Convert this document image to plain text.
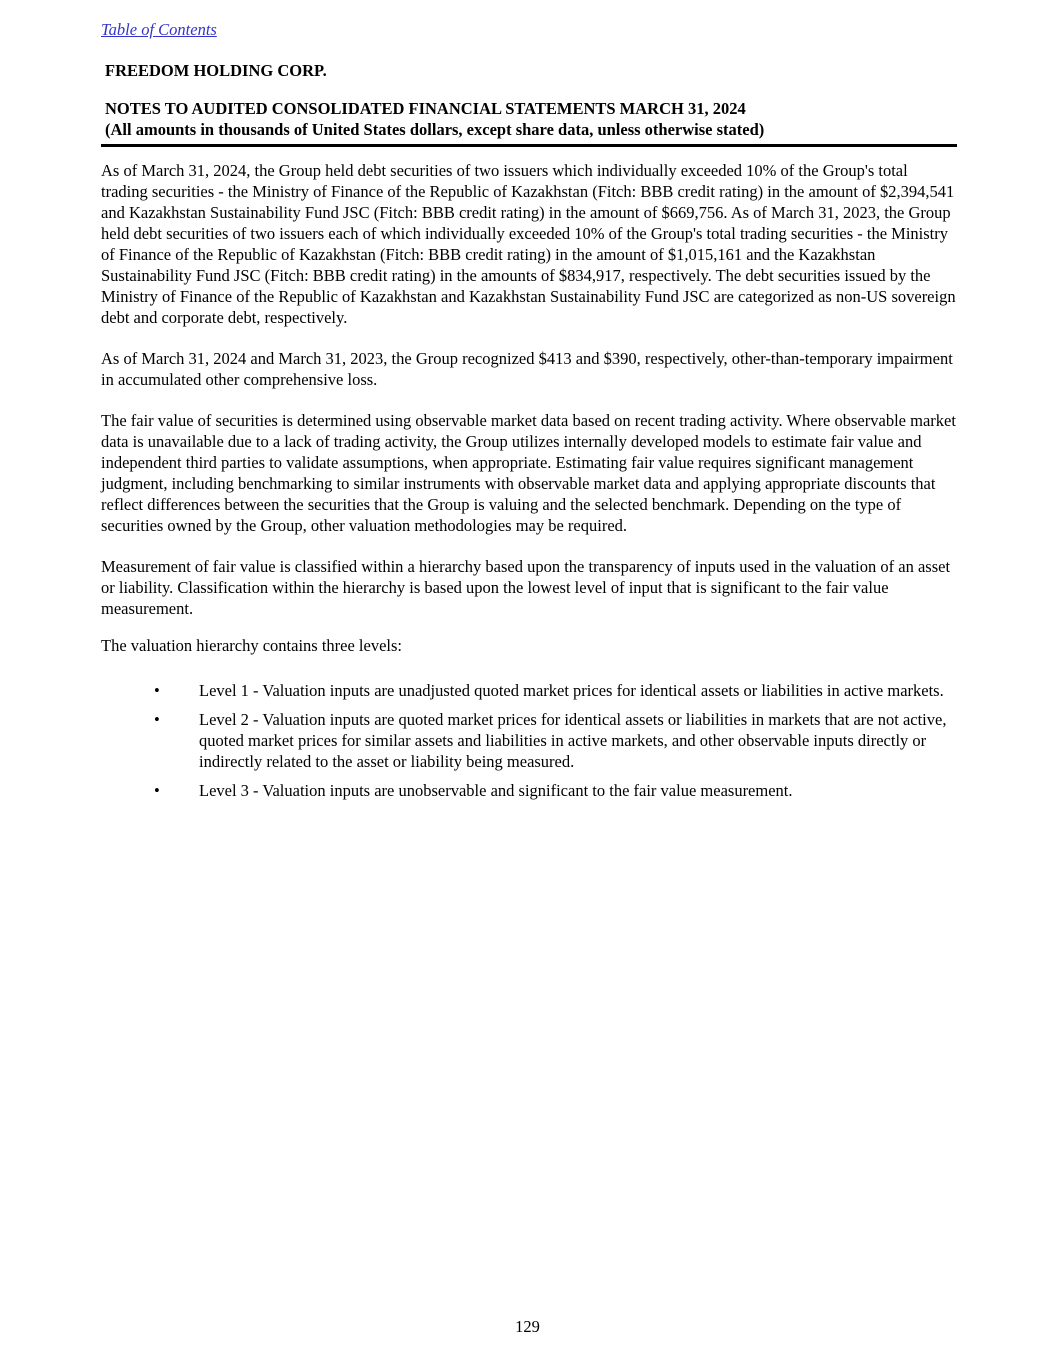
Table of Contents
FREEDOM HOLDING CORP.
NOTES TO AUDITED CONSOLIDATED FINANCIAL STATEMENTS MARCH 31, 2024
(All amounts in thousands of United States dollars, except share data, unless otherwise stated)

As of March 31, 2024, the Group held debt securities of two issuers which individually exceeded 10% of the Group's total trading securities - the Ministry of Finance of the Republic of Kazakhstan (Fitch: BBB credit rating) in the amount of $2,394,541 and Kazakhstan Sustainability Fund JSC (Fitch: BBB credit rating) in the amount of $669,756. As of March 31, 2023, the Group held debt securities of two issuers each of which individually exceeded 10% of the Group's total trading securities - the Ministry of Finance of the Republic of Kazakhstan (Fitch: BBB credit rating) in the amount of $1,015,161 and the Kazakhstan Sustainability Fund JSC (Fitch: BBB credit rating) in the amounts of $834,917, respectively. The debt securities issued by the Ministry of Finance of the Republic of Kazakhstan and Kazakhstan Sustainability Fund JSC are categorized as non-US sovereign debt and corporate debt, respectively.

As of March 31, 2024 and March 31, 2023, the Group recognized $413 and $390, respectively, other-than-temporary impairment in accumulated other comprehensive loss.

The fair value of securities is determined using observable market data based on recent trading activity. Where observable market data is unavailable due to a lack of trading activity, the Group utilizes internally developed models to estimate fair value and independent third parties to validate assumptions, when appropriate. Estimating fair value requires significant management judgment, including benchmarking to similar instruments with observable market data and applying appropriate discounts that reflect differences between the securities that the Group is valuing and the selected benchmark. Depending on the type of securities owned by the Group, other valuation methodologies may be required.

Measurement of fair value is classified within a hierarchy based upon the transparency of inputs used in the valuation of an asset or liability. Classification within the hierarchy is based upon the lowest level of input that is significant to the fair value measurement.

The valuation hierarchy contains three levels:

•	Level 1 - Valuation inputs are unadjusted quoted market prices for identical assets or liabilities in active markets.
•	Level 2 - Valuation inputs are quoted market prices for identical assets or liabilities in markets that are not active, quoted market prices for similar assets and liabilities in active markets, and other observable inputs directly or indirectly related to the asset or liability being measured.
•	Level 3 - Valuation inputs are unobservable and significant to the fair value measurement.
129
